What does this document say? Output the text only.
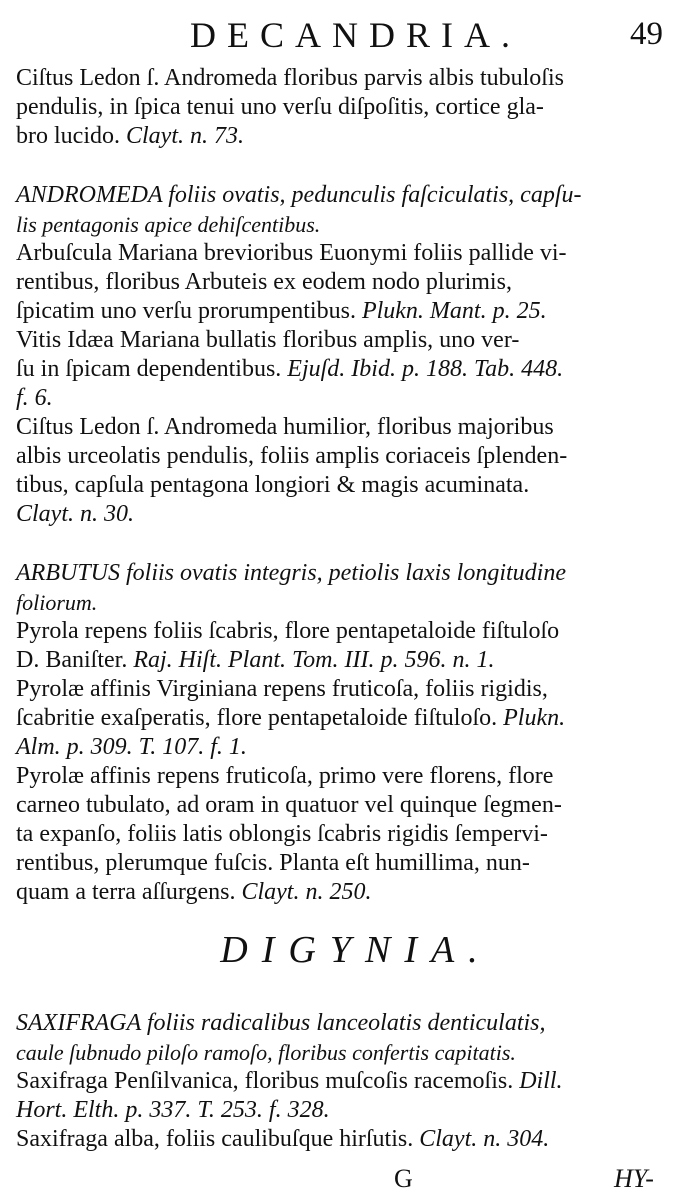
DECANDRIA.	49
Ciſtus Ledon ſ. Andromeda floribus parvis albis tubuloſis
pendulis, in ſpica tenui uno verſu diſpoſitis, cortice gla-
bro lucido. Clayt. n. 73.
ANDROMEDA foliis ovatis, pedunculis faſciculatis, capſu-
lis pentagonis apice dehiſcentibus.
Arbuſcula Mariana brevioribus Euonymi foliis pallide vi-
rentibus, floribus Arbuteis ex eodem nodo plurimis,
ſpicatim uno verſu prorumpentibus. Plukn. Mant. p. 25.
Vitis Idæa Mariana bullatis floribus amplis, uno ver-
ſu in ſpicam dependentibus. Ejuſd. Ibid. p. 188. Tab. 448.
f. 6.
Ciſtus Ledon ſ. Andromeda humilior, floribus majoribus
albis urceolatis pendulis, foliis amplis coriaceis ſplenden-
tibus, capſula pentagona longiori & magis acuminata.
Clayt. n. 30.
ARBUTUS foliis ovatis integris, petiolis laxis longitudine
foliorum.
Pyrola repens foliis ſcabris, flore pentapetaloide fiſtuloſo
D. Baniſter. Raj. Hiſt. Plant. Tom. III. p. 596. n. 1.
Pyrolæ affinis Virginiana repens fruticoſa, foliis rigidis,
ſcabritie exaſperatis, flore pentapetaloide fiſtuloſo. Plukn.
Alm. p. 309. T. 107. f. 1.
Pyrolæ affinis repens fruticoſa, primo vere florens, flore
carneo tubulato, ad oram in quatuor vel quinque ſegmen-
ta expanſo, foliis latis oblongis ſcabris rigidis ſempervi-
rentibus, plerumque fuſcis. Planta eſt humillima, nun-
quam a terra aſſurgens. Clayt. n. 250.
DIGYNIA.
SAXIFRAGA foliis radicalibus lanceolatis denticulatis,
caule ſubnudo piloſo ramoſo, floribus confertis capitatis.
Saxifraga Penſilvanica, floribus muſcoſis racemoſis. Dill.
Hort. Elth. p. 337. T. 253. f. 328.
Saxifraga alba, foliis caulibuſque hirſutis. Clayt. n. 304.
G	HY-
